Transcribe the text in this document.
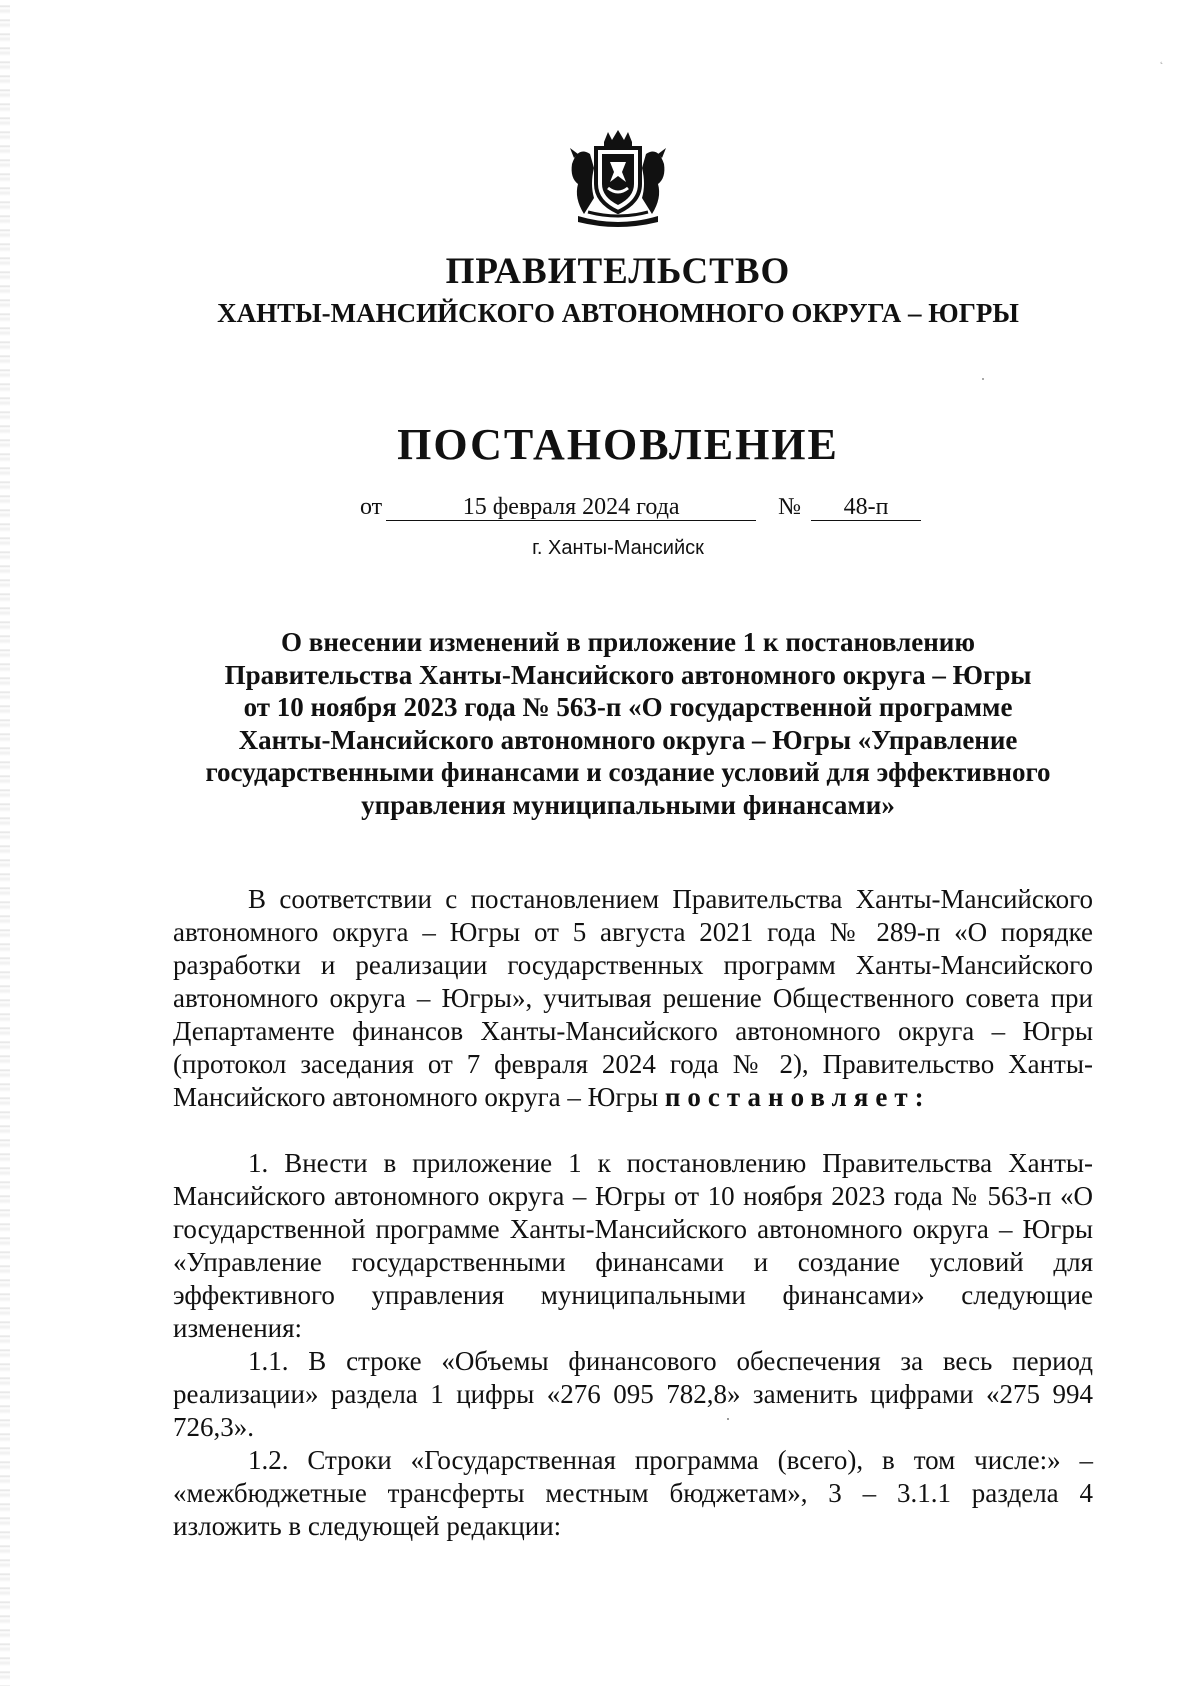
˛
ПРАВИТЕЛЬСТВО
ХАНТЫ-МАНСИЙСКОГО АВТОНОМНОГО ОКРУГА – ЮГРЫ
ПОСТАНОВЛЕНИЕ
от	15 февраля 2024 года	№ 48-п
г. Ханты-Мансийск
О внесении изменений в приложение 1 к постановлению
Правительства Ханты-Мансийского автономного округа – Югры
от 10 ноября 2023 года № 563-п «О государственной программе
Ханты-Мансийского автономного округа – Югры «Управление
государственными финансами и создание условий для эффективного
управления муниципальными финансами»

В соответствии с постановлением Правительства Ханты-Мансийского автономного округа – Югры от 5 августа 2021 года № 289-п «О порядке разработки и реализации государственных программ Ханты-Мансийского автономного округа – Югры», учитывая решение Общественного совета при Департаменте финансов Ханты-Мансийского автономного округа – Югры (протокол заседания от 7 февраля 2024 года № 2), Правительство Ханты-Мансийского автономного округа – Югры постановляет:

1. Внести в приложение 1 к постановлению Правительства Ханты-Мансийского автономного округа – Югры от 10 ноября 2023 года № 563-п «О государственной программе Ханты-Мансийского автономного округа – Югры «Управление государственными финансами и создание условий для эффективного управления муниципальными финансами» следующие изменения:

1.1. В строке «Объемы финансового обеспечения за весь период реализации» раздела 1 цифры «276 095 782,8» заменить цифрами «275 994 726,3».

1.2. Строки «Государственная программа (всего), в том числе:» – «межбюджетные трансферты местным бюджетам», 3 – 3.1.1 раздела 4 изложить в следующей редакции:
